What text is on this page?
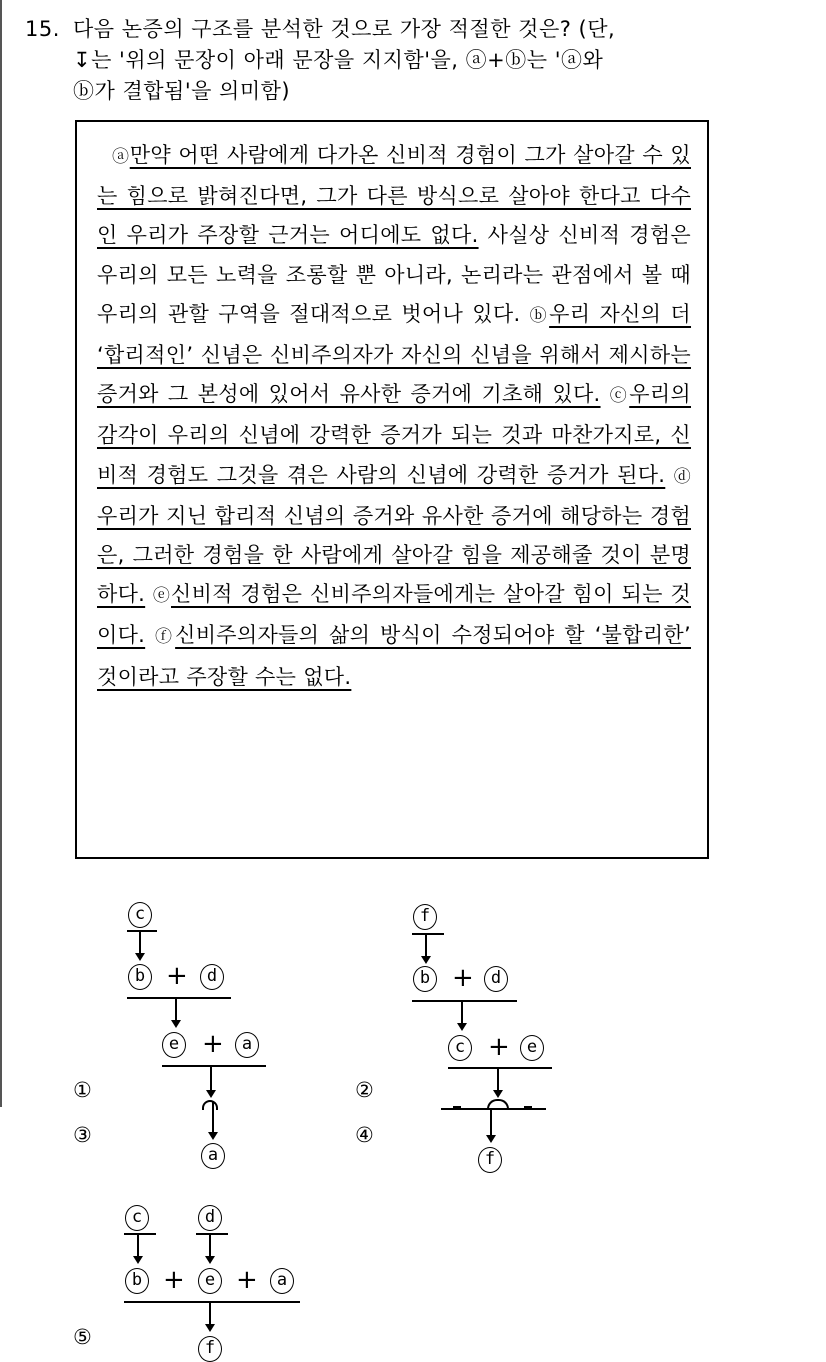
15. 다음 논증의 구조를 분석한 것으로 가장 적절한 것은? (단,
↧는 '위의 문장이 아래 문장을 지지함'을, ⓐ+ⓑ는 'ⓐ와
ⓑ가 결합됨'을 의미함)
ⓐ만약 어떤 사람에게 다가온 신비적 경험이 그가 살아갈 수 있는 힘으로 밝혀진다면, 그가 다른 방식으로 살아야 한다고 다수인 우리가 주장할 근거는 어디에도 없다. 사실상 신비적 경험은 우리의 모든 노력을 조롱할 뿐 아니라, 논리라는 관점에서 볼 때 우리의 관할 구역을 절대적으로 벗어나 있다. ⓑ우리 자신의 더 ‘합리적인’ 신념은 신비주의자가 자신의 신념을 위해서 제시하는 증거와 그 본성에 있어서 유사한 증거에 기초해 있다. ⓒ우리의 감각이 우리의 신념에 강력한 증거가 되는 것과 마찬가지로, 신비적 경험도 그것을 겪은 사람의 신념에 강력한 증거가 된다. ⓓ우리가 지닌 합리적 신념의 증거와 유사한 증거에 해당하는 경험은, 그러한 경험을 한 사람에게 살아갈 힘을 제공해줄 것이 분명하다. ⓔ신비적 경험은 신비주의자들에게는 살아갈 힘이 되는 것이다. ⓕ신비주의자들의 삶의 방식이 수정되어야 할 ‘불합리한’ 것이라고 주장할 수는 없다.
①
③
②
④
⑤
c
b +	d
e +	a
a
f
b +	d
c +	e
f
c	d
b +	e +	a
f
